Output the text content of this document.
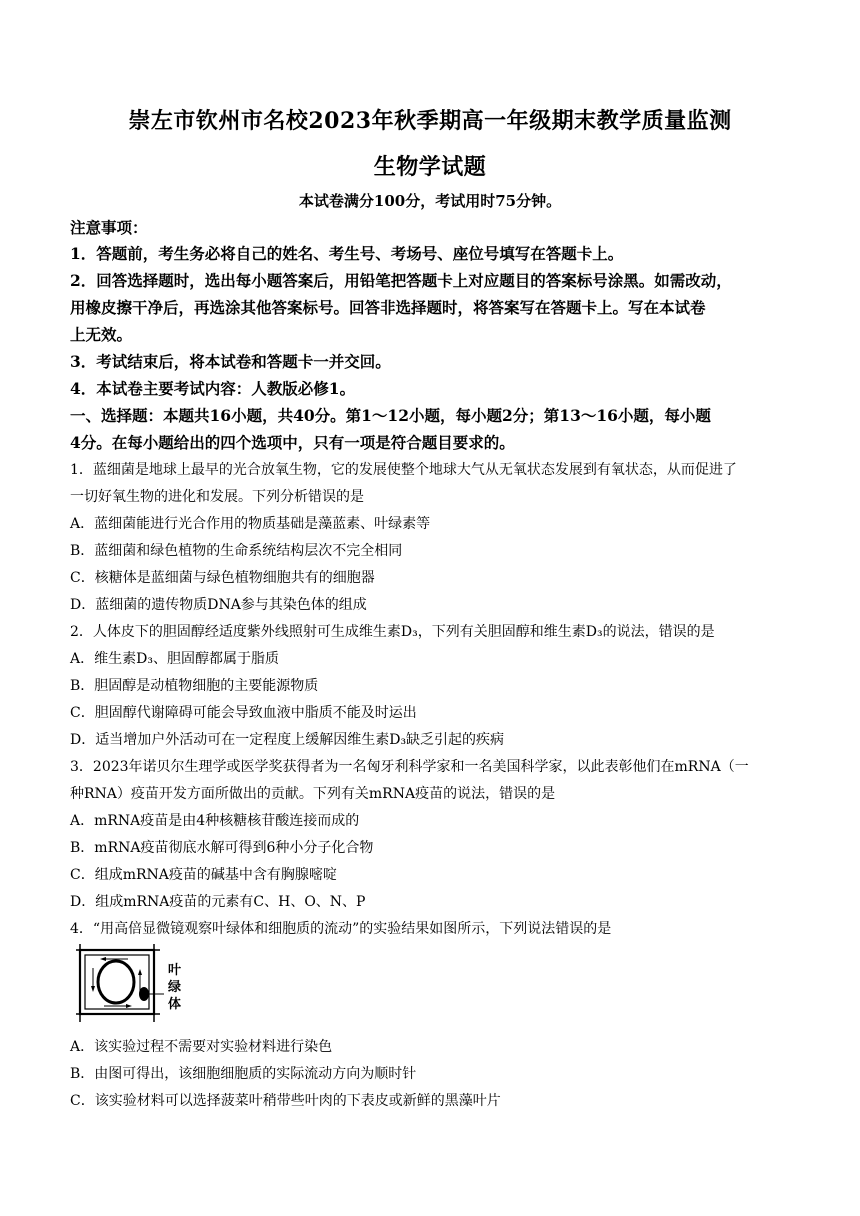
崇左市钦州市名校2023年秋季期高一年级期末教学质量监测
生物学试题
本试卷满分100分，考试用时75分钟。
注意事项：
1．答题前，考生务必将自己的姓名、考生号、考场号、座位号填写在答题卡上。
2．回答选择题时，选出每小题答案后，用铅笔把答题卡上对应题目的答案标号涂黑。如需改动，
用橡皮擦干净后，再选涂其他答案标号。回答非选择题时，将答案写在答题卡上。写在本试卷
上无效。
3．考试结束后，将本试卷和答题卡一并交回。
4．本试卷主要考试内容：人教版必修1。
一、选择题：本题共16小题，共40分。第1～12小题，每小题2分；第13～16小题，每小题
4分。在每小题给出的四个选项中，只有一项是符合题目要求的。
1．蓝细菌是地球上最早的光合放氧生物，它的发展使整个地球大气从无氧状态发展到有氧状态，从而促进了
一切好氧生物的进化和发展。下列分析错误的是
A．蓝细菌能进行光合作用的物质基础是藻蓝素、叶绿素等
B．蓝细菌和绿色植物的生命系统结构层次不完全相同
C．核糖体是蓝细菌与绿色植物细胞共有的细胞器
D．蓝细菌的遗传物质DNA参与其染色体的组成
2．人体皮下的胆固醇经适度紫外线照射可生成维生素D₃，下列有关胆固醇和维生素D₃的说法，错误的是
A．维生素D₃、胆固醇都属于脂质
B．胆固醇是动植物细胞的主要能源物质
C．胆固醇代谢障碍可能会导致血液中脂质不能及时运出
D．适当增加户外活动可在一定程度上缓解因维生素D₃缺乏引起的疾病
3．2023年诺贝尔生理学或医学奖获得者为一名匈牙利科学家和一名美国科学家，以此表彰他们在mRNA（一
种RNA）疫苗开发方面所做出的贡献。下列有关mRNA疫苗的说法，错误的是
A．mRNA疫苗是由4种核糖核苷酸连接而成的
B．mRNA疫苗彻底水解可得到6种小分子化合物
C．组成mRNA疫苗的碱基中含有胸腺嘧啶
D．组成mRNA疫苗的元素有C、H、O、N、P
4．“用高倍显微镜观察叶绿体和细胞质的流动”的实验结果如图所示，下列说法错误的是
叶绿体
A．该实验过程不需要对实验材料进行染色
B．由图可得出，该细胞细胞质的实际流动方向为顺时针
C．该实验材料可以选择菠菜叶稍带些叶肉的下表皮或新鲜的黑藻叶片
